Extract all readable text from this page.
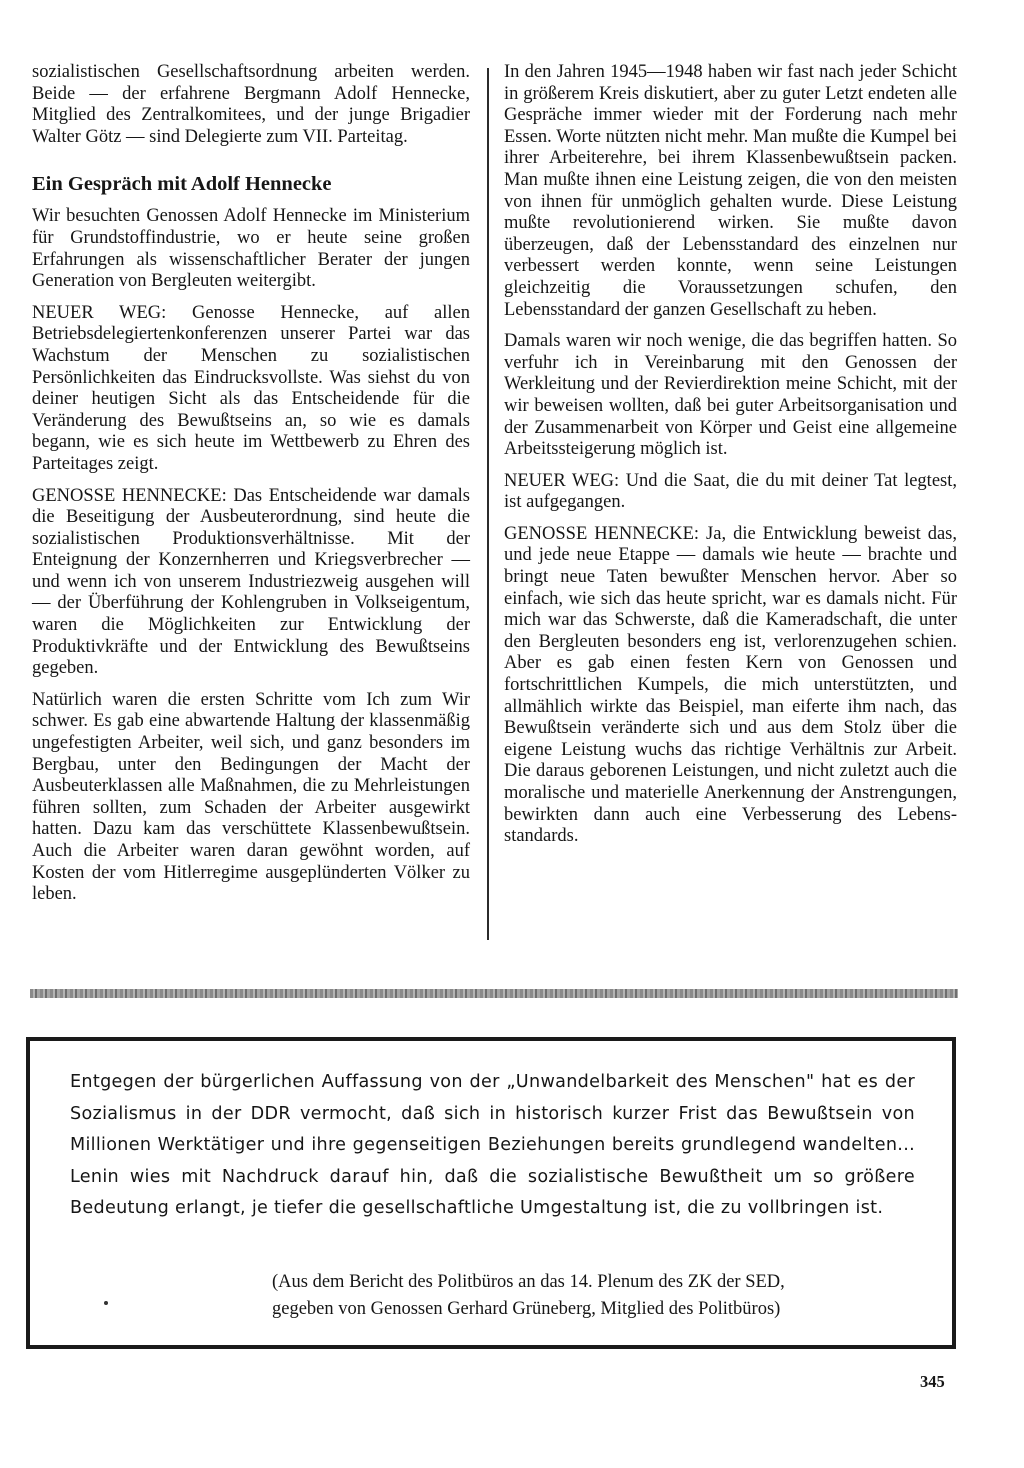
sozialistischen Gesellschaftsordnung arbeiten werden. Beide — der erfahrene Bergmann Adolf Hennecke, Mitglied des Zentralkomitees, und der junge Brigadier Walter Götz — sind Delegierte zum VII. Parteitag.

Ein Gespräch mit Adolf Hennecke

Wir besuchten Genossen Adolf Hennecke im Ministerium für Grundstoffindustrie, wo er heute seine großen Erfahrungen als wissenschaftlicher Berater der jungen Generation von Bergleuten weitergibt.

NEUER WEG: Genosse Hennecke, auf allen Betriebsdelegiertenkonferenzen unserer Partei war das Wachstum der Menschen zu sozialistischen Persönlichkeiten das Eindrucksvollste. Was siehst du von deiner heutigen Sicht als das Entscheidende für die Veränderung des Bewußtseins an, so wie es damals begann, wie es sich heute im Wettbewerb zu Ehren des Parteitages zeigt.

GENOSSE HENNECKE: Das Entscheidende war damals die Beseitigung der Ausbeuterordnung, sind heute die sozialistischen Produktionsverhältnisse. Mit der Enteignung der Konzernherren und Kriegsverbrecher — und wenn ich von unserem Industriezweig ausgehen will — der Überführung der Kohlengruben in Volkseigentum, waren die Möglichkeiten zur Entwicklung der Produktivkräfte und der Entwicklung des Bewußtseins gegeben.

Natürlich waren die ersten Schritte vom Ich zum Wir schwer. Es gab eine abwartende Haltung der klassenmäßig ungefestigten Arbeiter, weil sich, und ganz besonders im Bergbau, unter den Bedingungen der Macht der Ausbeuterklassen alle Maßnahmen, die zu Mehrleistungen führen sollten, zum Schaden der Arbeiter ausgewirkt hatten. Dazu kam das verschüttete Klassenbewußtsein. Auch die Arbeiter waren daran gewöhnt worden, auf Kosten der vom Hitlerregime ausgeplünderten Völker zu leben.

In den Jahren 1945—1948 haben wir fast nach jeder Schicht in größerem Kreis diskutiert, aber zu guter Letzt endeten alle Gespräche immer wieder mit der Forderung nach mehr Essen. Worte nützten nicht mehr. Man mußte die Kumpel bei ihrer Arbeiterehre, bei ihrem Klassenbewußtsein packen. Man mußte ihnen eine Leistung zeigen, die von den meisten von ihnen für unmöglich gehalten wurde. Diese Leistung mußte revolutionierend wirken. Sie mußte davon überzeugen, daß der Lebensstandard des einzelnen nur verbessert werden konnte, wenn seine Leistungen gleichzeitig die Voraussetzungen schufen, den Lebensstandard der ganzen Gesellschaft zu heben.

Damals waren wir noch wenige, die das begriffen hatten. So verfuhr ich in Vereinbarung mit den Genossen der Werkleitung und der Revierdirektion meine Schicht, mit der wir beweisen wollten, daß bei guter Arbeitsorganisation und der Zusammenarbeit von Körper und Geist eine allgemeine Arbeitssteigerung möglich ist.

NEUER WEG: Und die Saat, die du mit deiner Tat legtest, ist aufgegangen.

GENOSSE HENNECKE: Ja, die Entwicklung beweist das, und jede neue Etappe — damals wie heute — brachte und bringt neue Taten bewußter Menschen hervor. Aber so einfach, wie sich das heute spricht, war es damals nicht. Für mich war das Schwerste, daß die Kameradschaft, die unter den Bergleuten besonders eng ist, verlorenzugehen schien. Aber es gab einen festen Kern von Genossen und fortschrittlichen Kumpels, die mich unterstützten, und allmählich wirkte das Beispiel, man eiferte ihm nach, das Bewußtsein veränderte sich und aus dem Stolz über die eigene Leistung wuchs das richtige Verhältnis zur Arbeit. Die daraus geborenen Leistungen, und nicht zuletzt auch die moralische und materielle Anerkennung der Anstrengungen, bewirkten dann auch eine Verbesserung des Lebensstandards.

Entgegen der bürgerlichen Auffassung von der „Unwandelbarkeit des Menschen" hat es der Sozialismus in der DDR vermocht, daß sich in historisch kurzer Frist das Bewußtsein von Millionen Werktätiger und ihre gegenseitigen Beziehungen bereits grundlegend wandelten... Lenin wies mit Nachdruck darauf hin, daß die sozialistische Bewußtheit um so größere Bedeutung erlangt, je tiefer die gesellschaftliche Umgestaltung ist, die zu vollbringen ist.
(Aus dem Bericht des Politbüros an das 14. Plenum des ZK der SED,
gegeben von Genossen Gerhard Grüneberg, Mitglied des Politbüros)
345
